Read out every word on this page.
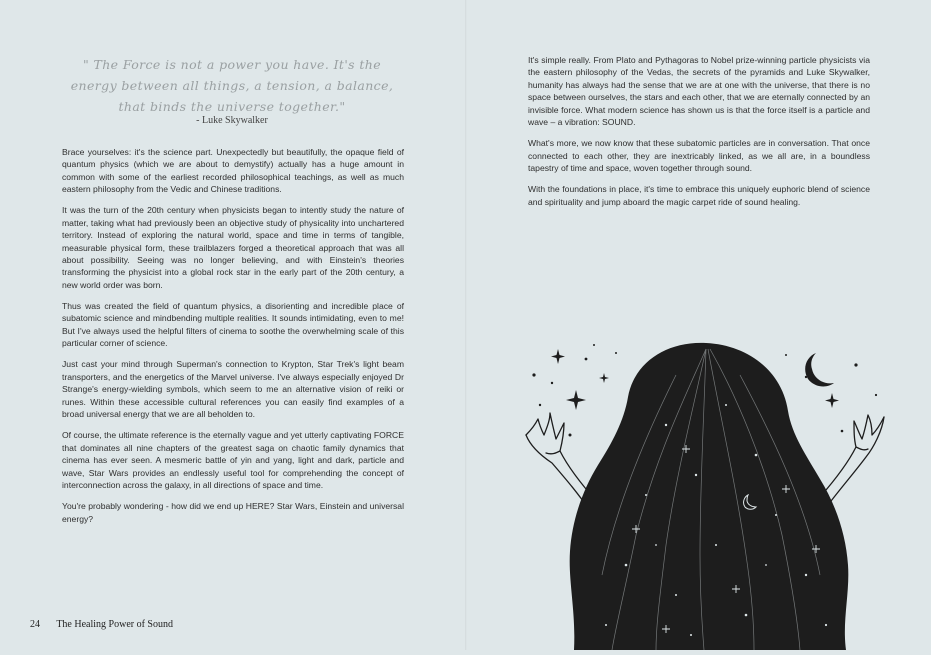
" The Force is not a power you have. It's the
energy between all things, a tension, a balance,
that binds the universe together."
- Luke Skywalker

Brace yourselves: it's the science part. Unexpectedly but beautifully, the opaque field of quantum physics (which we are about to demystify) actually has a huge amount in common with some of the earliest recorded philosophical teachings, as well as much eastern philosophy from the Vedic and Chinese traditions.

It was the turn of the 20th century when physicists began to intently study the nature of matter, taking what had previously been an objective study of physicality into unchartered territory. Instead of exploring the natural world, space and time in terms of tangible, measurable physical form, these trailblazers forged a theoretical approach that was all about possibility. Seeing was no longer believing, and with Einstein's theories transforming the physicist into a global rock star in the early part of the 20th century, a new world order was born.

Thus was created the field of quantum physics, a disorienting and incredible place of subatomic science and mindbending multiple realities. It sounds intimidating, even to me! But I've always used the helpful filters of cinema to soothe the overwhelming scale of this particular corner of science.

Just cast your mind through Superman's connection to Krypton, Star Trek's light beam transporters, and the energetics of the Marvel universe. I've always especially enjoyed Dr Strange's energy-wielding symbols, which seem to me an alternative vision of reiki or runes. Within these accessible cultural references you can easily find examples of a broad universal energy that we are all beholden to.

Of course, the ultimate reference is the eternally vague and yet utterly captivating FORCE that dominates all nine chapters of the greatest saga on chaotic family dynamics that cinema has ever seen. A mesmeric battle of yin and yang, light and dark, particle and wave, Star Wars provides an endlessly useful tool for comprehending the concept of interconnection across the galaxy, in all directions of space and time.

You're probably wondering - how did we end up HERE? Star Wars, Einstein and universal energy?

24 The Healing Power of Sound

It's simple really. From Plato and Pythagoras to Nobel prize-winning particle physicists via the eastern philosophy of the Vedas, the secrets of the pyramids and Luke Skywalker, humanity has always had the sense that we are at one with the universe, that there is no space between ourselves, the stars and each other, that we are eternally connected by an invisible force. What modern science has shown us is that the force itself is a particle and wave – a vibration: SOUND.

What's more, we now know that these subatomic particles are in conversation. That once connected to each other, they are inextricably linked, as we all are, in a boundless tapestry of time and space, woven together through sound.

With the foundations in place, it's time to embrace this uniquely euphoric blend of science and spirituality and jump aboard the magic carpet ride of sound healing.
